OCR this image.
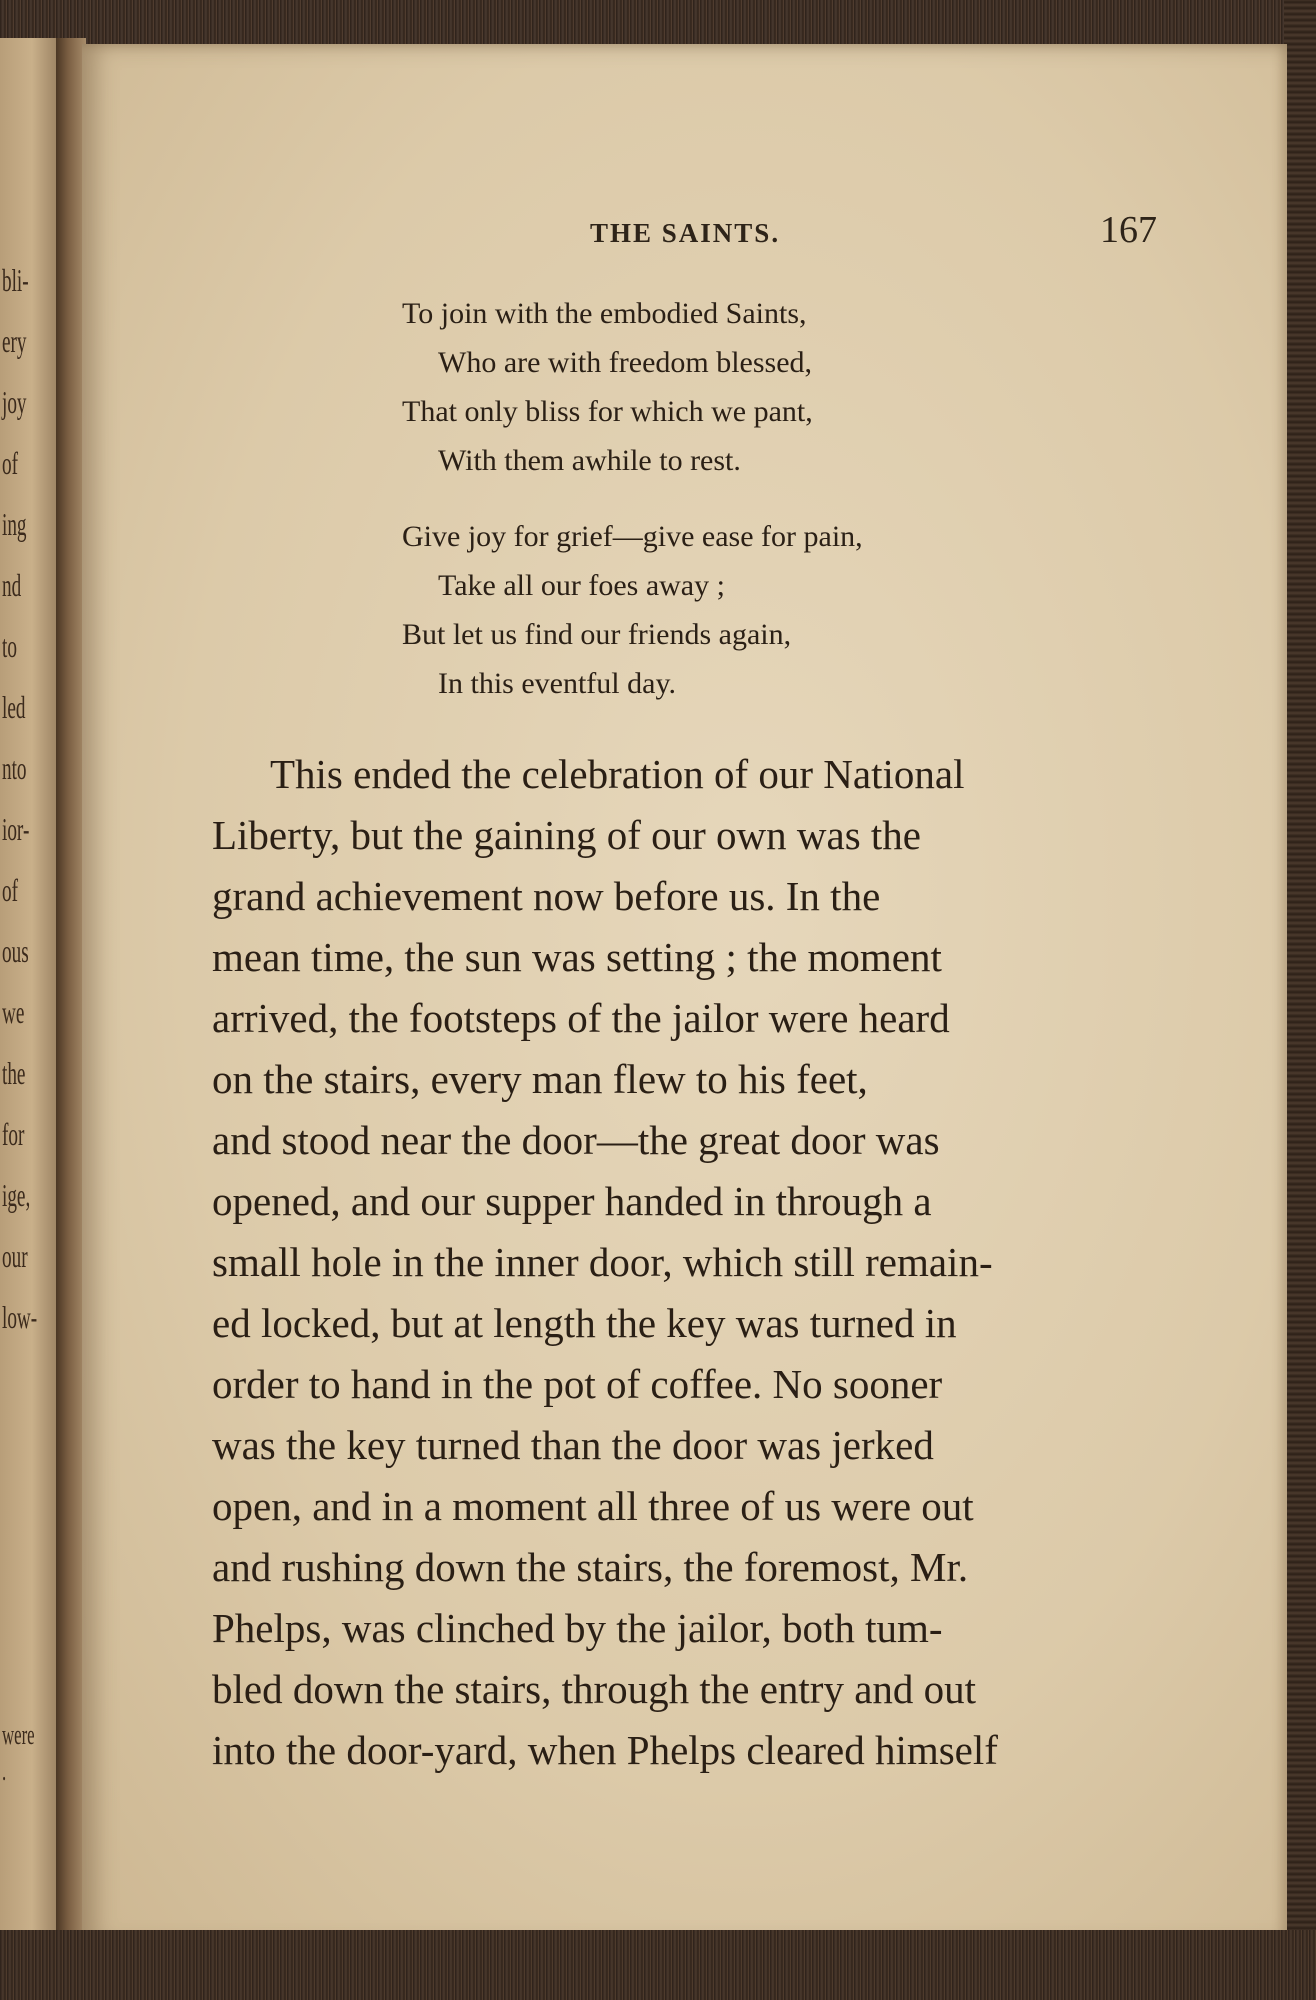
bli-
ery
joy
of
ing
nd
to
led
nto
ior-
of
ous
we
the
for
ige,
our
low-
were
.
THE SAINTS.	167
To join with the embodied Saints,
Who are with freedom blessed,
That only bliss for which we pant,
With them awhile to rest.
Give joy for grief—give ease for pain,
Take all our foes away ;
But let us find our friends again,
In this eventful day.
This ended the celebration of our National
Liberty, but the gaining of our own was the
grand achievement now before us. In the
mean time, the sun was setting ; the moment
arrived, the footsteps of the jailor were heard
on the stairs, every man flew to his feet,
and stood near the door—the great door was
opened, and our supper handed in through a
small hole in the inner door, which still remain-
ed locked, but at length the key was turned in
order to hand in the pot of coffee. No sooner
was the key turned than the door was jerked
open, and in a moment all three of us were out
and rushing down the stairs, the foremost, Mr.
Phelps, was clinched by the jailor, both tum-
bled down the stairs, through the entry and out
into the door-yard, when Phelps cleared himself
